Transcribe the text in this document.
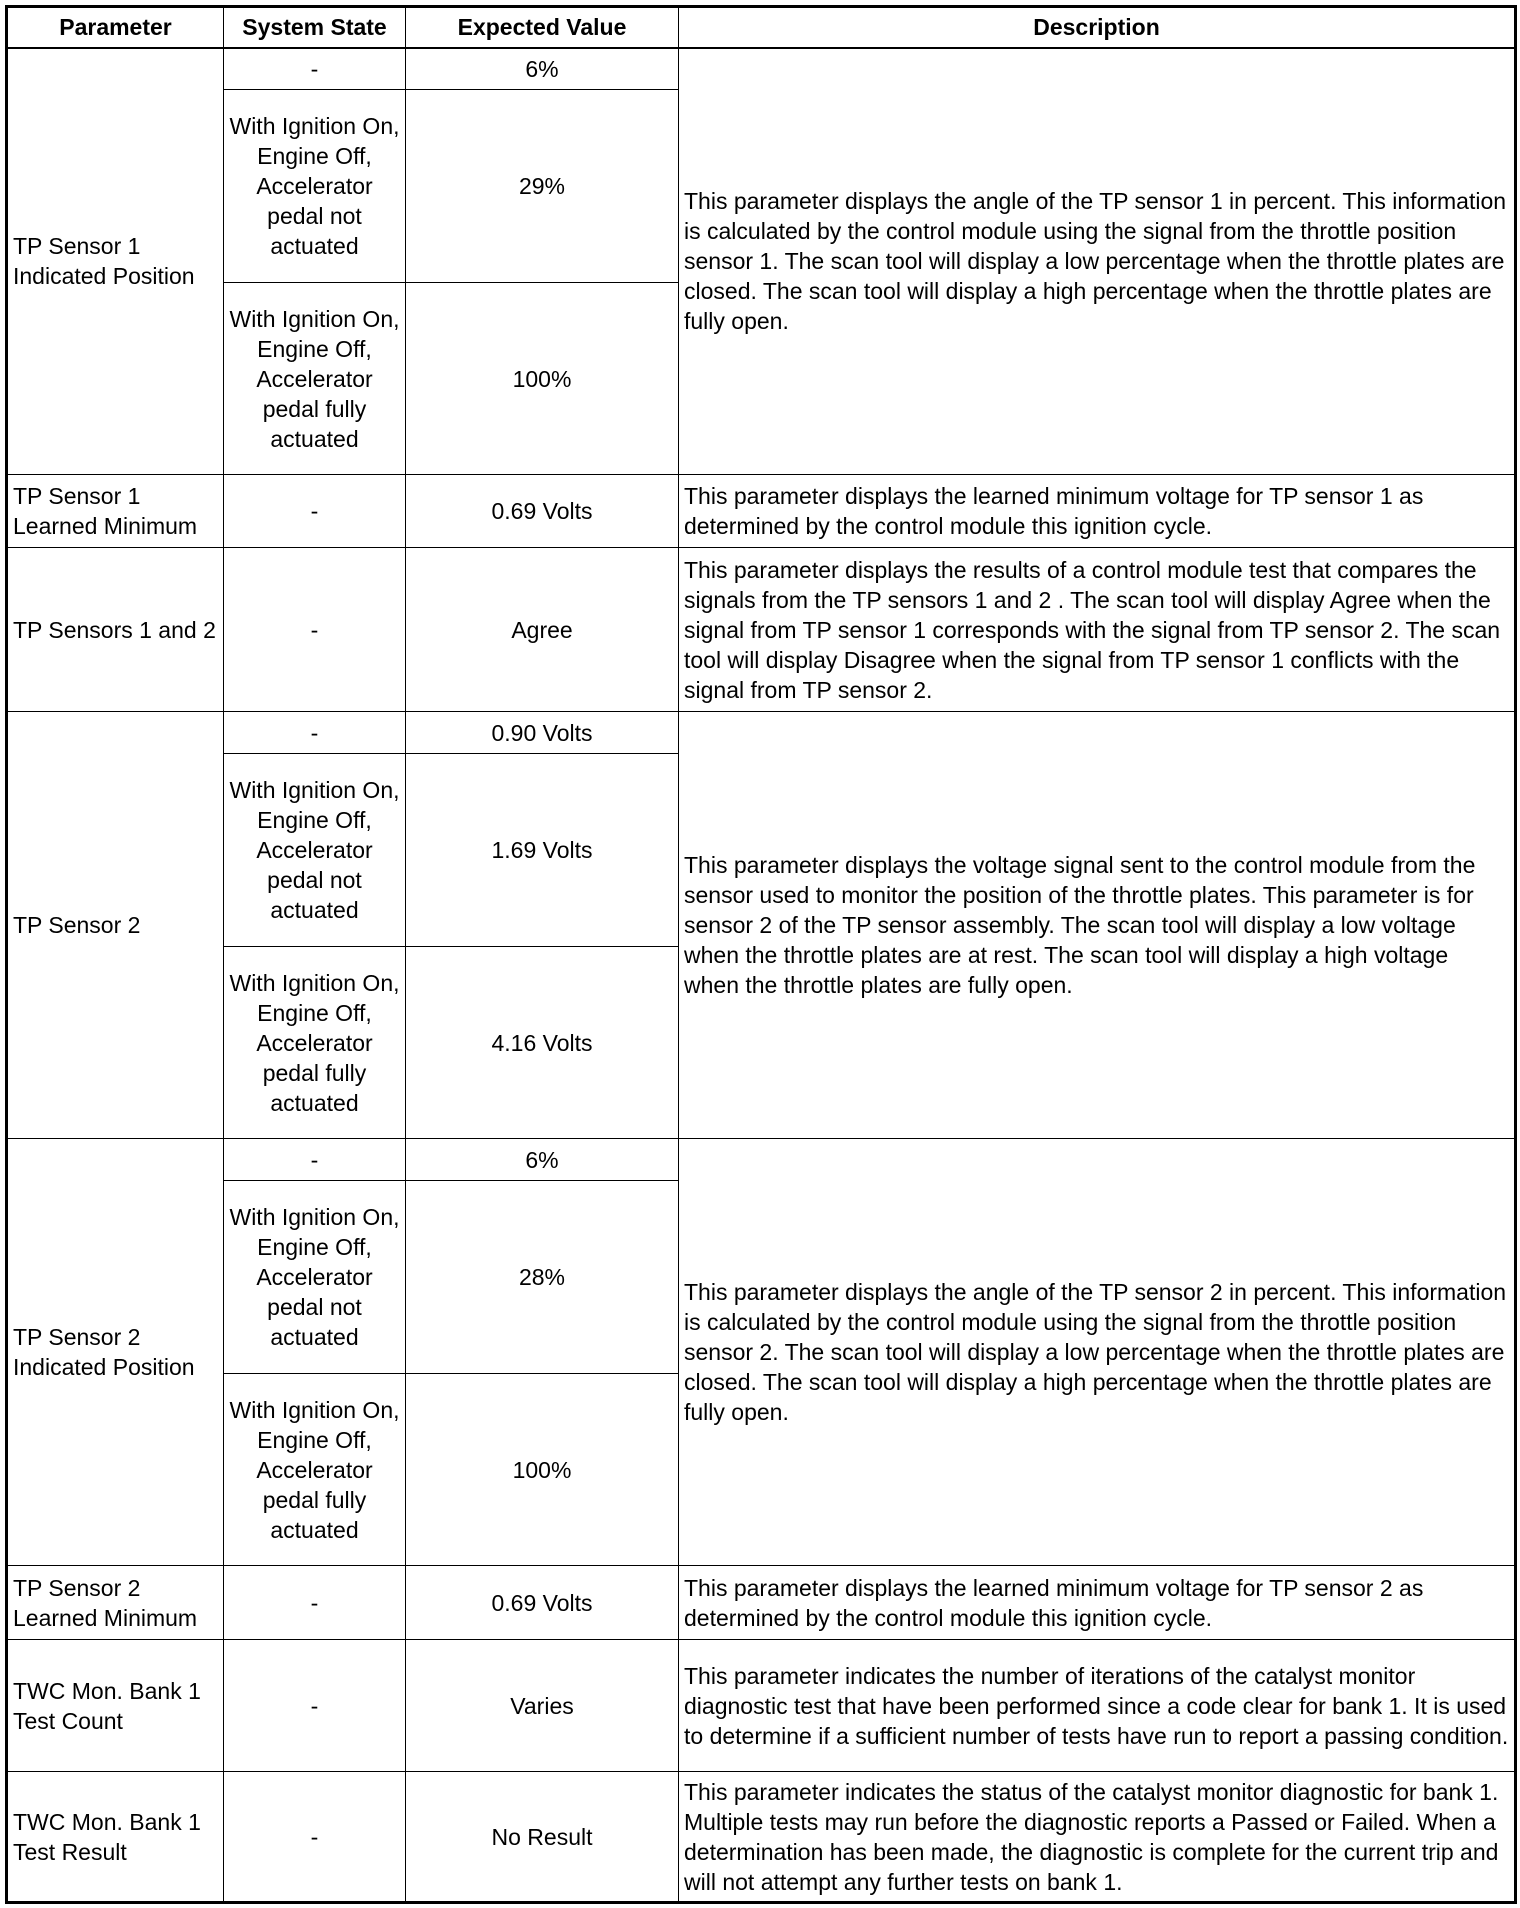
Parameter	System State	Expected Value	Description
TP Sensor 1 Indicated Position	-	6%	This parameter displays the angle of the TP sensor 1 in percent. This information is calculated by the control module using the signal from the throttle position sensor 1. The scan tool will display a low percentage when the throttle plates are closed. The scan tool will display a high percentage when the throttle plates are fully open.
	With Ignition On, Engine Off, Accelerator pedal not actuated	29%	
	With Ignition On, Engine Off, Accelerator pedal fully actuated	100%	
TP Sensor 1 Learned Minimum	-	0.69 Volts	This parameter displays the learned minimum voltage for TP sensor 1 as determined by the control module this ignition cycle.
TP Sensors 1 and 2	-	Agree	This parameter displays the results of a control module test that compares the signals from the TP sensors 1 and 2 . The scan tool will display Agree when the signal from TP sensor 1 corresponds with the signal from TP sensor 2. The scan tool will display Disagree when the signal from TP sensor 1 conflicts with the signal from TP sensor 2.
TP Sensor 2	-	0.90 Volts	This parameter displays the voltage signal sent to the control module from the sensor used to monitor the position of the throttle plates. This parameter is for sensor 2 of the TP sensor assembly. The scan tool will display a low voltage when the throttle plates are at rest. The scan tool will display a high voltage when the throttle plates are fully open.
	With Ignition On, Engine Off, Accelerator pedal not actuated	1.69 Volts	
	With Ignition On, Engine Off, Accelerator pedal fully actuated	4.16 Volts	
TP Sensor 2 Indicated Position	-	6%	This parameter displays the angle of the TP sensor 2 in percent. This information is calculated by the control module using the signal from the throttle position sensor 2. The scan tool will display a low percentage when the throttle plates are closed. The scan tool will display a high percentage when the throttle plates are fully open.
	With Ignition On, Engine Off, Accelerator pedal not actuated	28%	
	With Ignition On, Engine Off, Accelerator pedal fully actuated	100%	
TP Sensor 2 Learned Minimum	-	0.69 Volts	This parameter displays the learned minimum voltage for TP sensor 2 as determined by the control module this ignition cycle.
TWC Mon. Bank 1 Test Count	-	Varies	This parameter indicates the number of iterations of the catalyst monitor diagnostic test that have been performed since a code clear for bank 1. It is used to determine if a sufficient number of tests have run to report a passing condition.
TWC Mon. Bank 1 Test Result	-	No Result	This parameter indicates the status of the catalyst monitor diagnostic for bank 1. Multiple tests may run before the diagnostic reports a Passed or Failed. When a determination has been made, the diagnostic is complete for the current trip and will not attempt any further tests on bank 1.
